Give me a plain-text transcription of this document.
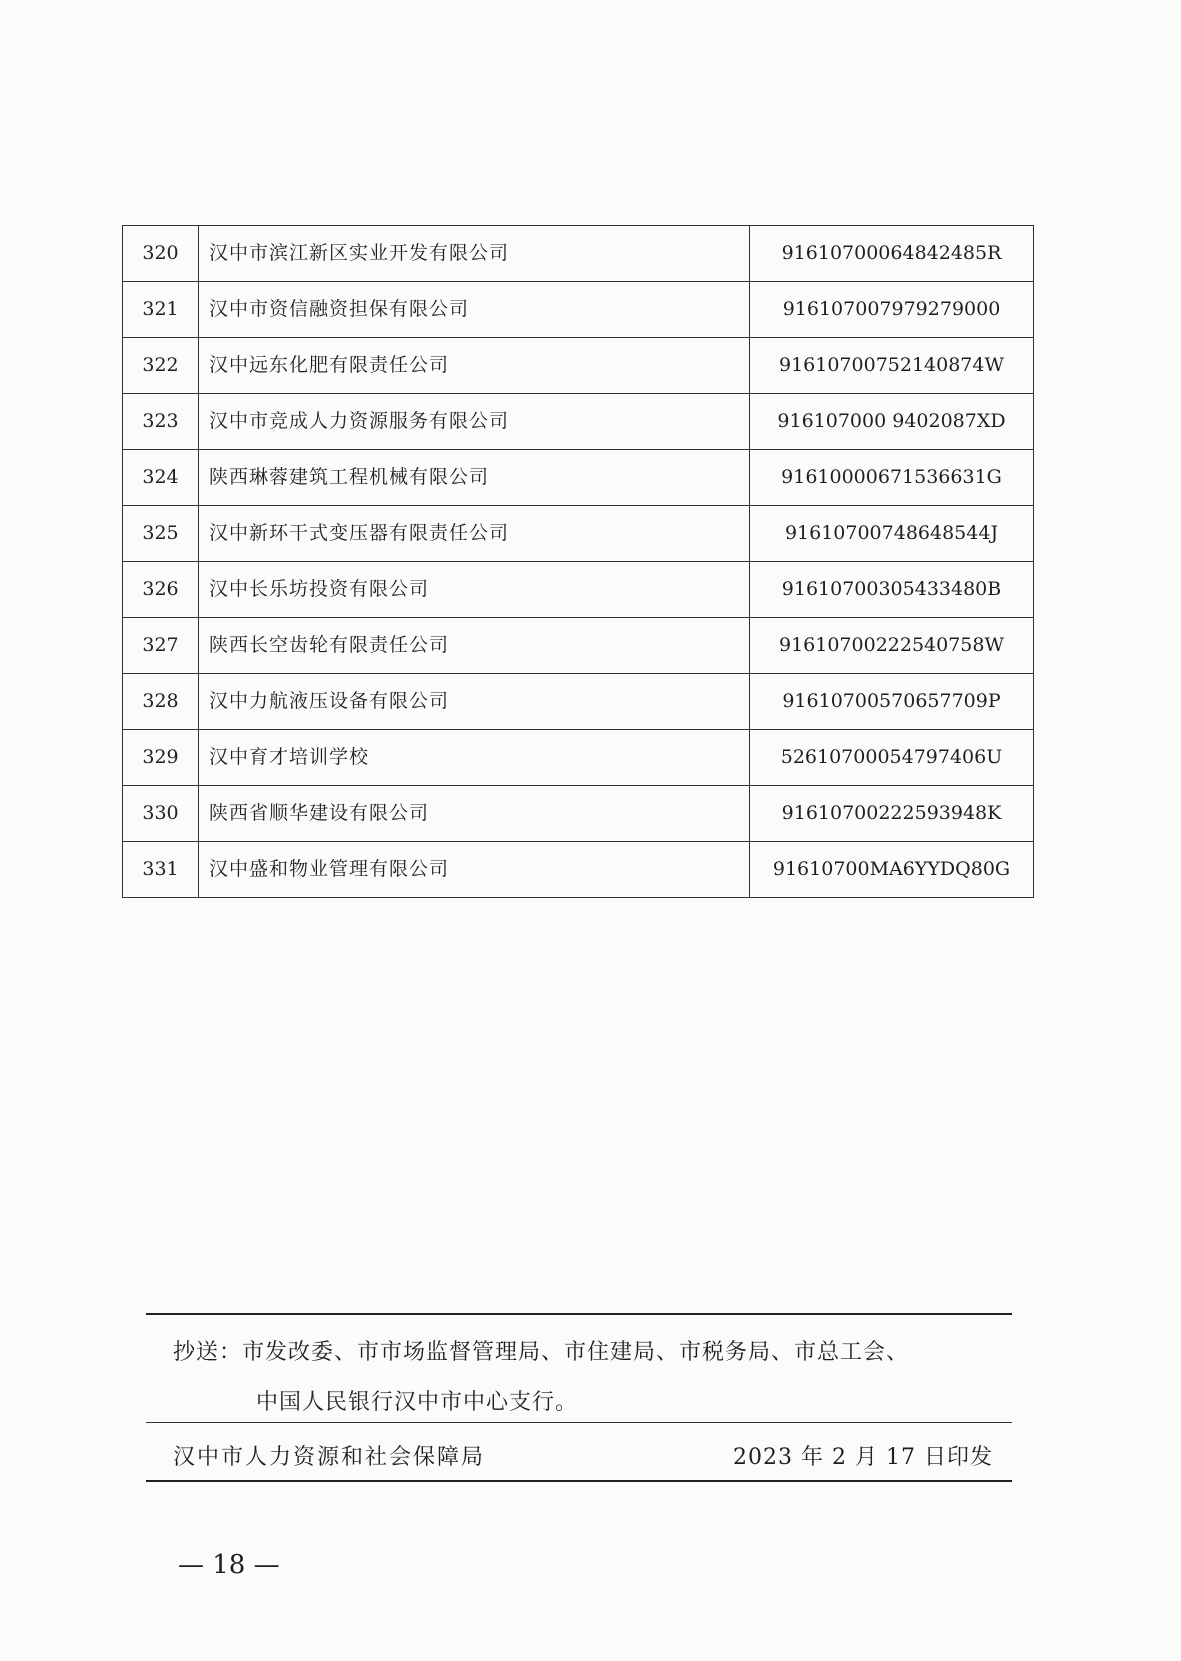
320	汉中市滨江新区实业开发有限公司	91610700064842485R
321	汉中市资信融资担保有限公司	916107007979279000
322	汉中远东化肥有限责任公司	91610700752140874W
323	汉中市竞成人力资源服务有限公司	916107000 9402087XD
324	陕西琳蓉建筑工程机械有限公司	91610000671536631G
325	汉中新环干式变压器有限责任公司	91610700748648544J
326	汉中长乐坊投资有限公司	91610700305433480B
327	陕西长空齿轮有限责任公司	91610700222540758W
328	汉中力航液压设备有限公司	91610700570657709P
329	汉中育才培训学校	52610700054797406U
330	陕西省顺华建设有限公司	91610700222593948K
331	汉中盛和物业管理有限公司	91610700MA6YYDQ80G
抄送：市发改委、市市场监督管理局、市住建局、市税务局、市总工会、
中国人民银行汉中市中心支行。
汉中市人力资源和社会保障局	2023 年 2 月 17 日印发
— 18 —
